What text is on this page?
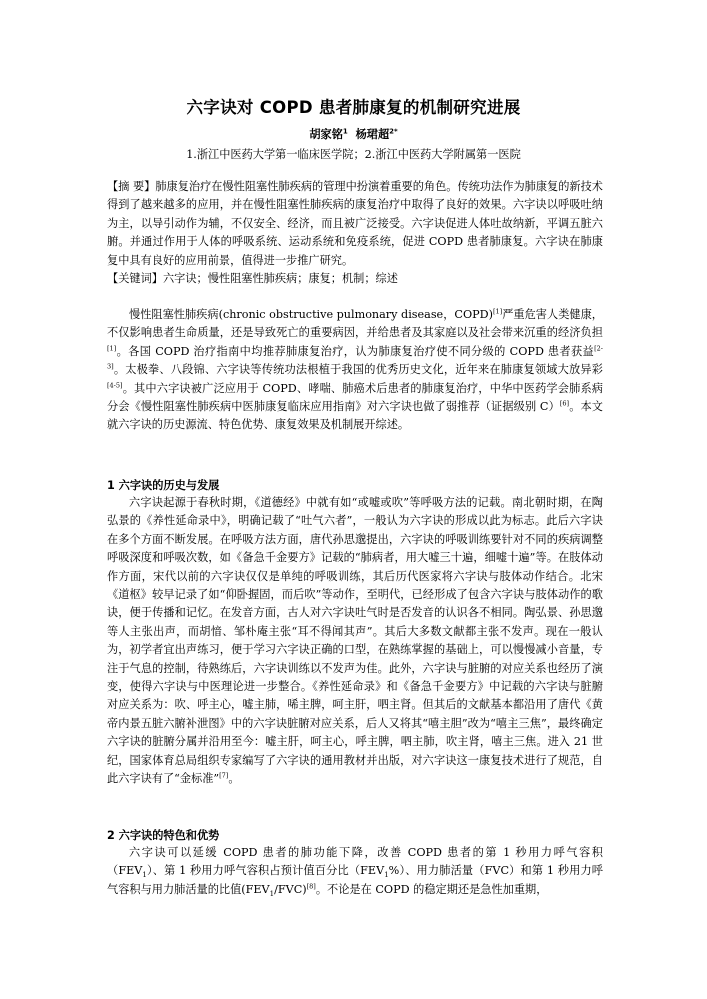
六字诀对 COPD 患者肺康复的机制研究进展
胡家铭$^1$ 杨珺超$^{2*}$
1.浙江中医药大学第一临床医学院；2.浙江中医药大学附属第一医院
【摘 要】肺康复治疗在慢性阻塞性肺疾病的管理中扮演着重要的角色。传统功法作为肺康复的新技术得到了越来越多的应用，并在慢性阻塞性肺疾病的康复治疗中取得了良好的效果。六字诀以呼吸吐纳为主，以导引动作为辅，不仅安全、经济，而且被广泛接受。六字诀促进人体吐故纳新，平调五脏六腑。并通过作用于人体的呼吸系统、运动系统和免疫系统，促进 COPD 患者肺康复。六字诀在肺康复中具有良好的应用前景，值得进一步推广研究。
【关键词】六字诀；慢性阻塞性肺疾病；康复；机制；综述
慢性阻塞性肺疾病(chronic obstructive pulmonary disease，COPD)[1]严重危害人类健康，不仅影响患者生命质量，还是导致死亡的重要病因，并给患者及其家庭以及社会带来沉重的经济负担[1]。各国 COPD 治疗指南中均推荐肺康复治疗，认为肺康复治疗使不同分级的 COPD 患者获益[2-3]。太极拳、八段锦、六字诀等传统功法根植于我国的优秀历史文化，近年来在肺康复领域大放异彩[4-5]。其中六字诀被广泛应用于 COPD、哮喘、肺癌术后患者的肺康复治疗，中华中医药学会肺系病分会《慢性阻塞性肺疾病中医肺康复临床应用指南》对六字诀也做了弱推荐（证据级别 C）[6]。本文就六字诀的历史源流、特色优势、康复效果及机制展开综述。
1 六字诀的历史与发展
六字诀起源于春秋时期，《道德经》中就有如“或嘘或吹”等呼吸方法的记载。南北朝时期，在陶弘景的《养性延命录中》，明确记载了“吐气六者”，一般认为六字诀的形成以此为标志。此后六字诀在多个方面不断发展。在呼吸方法方面，唐代孙思邈提出，六字诀的呼吸训练要针对不同的疾病调整呼吸深度和呼吸次数，如《备急千金要方》记载的“肺病者，用大嘘三十遍，细嘘十遍”等。在肢体动作方面，宋代以前的六字诀仅仅是单纯的呼吸训练，其后历代医家将六字诀与肢体动作结合。北宋《道枢》较早记录了如“仰卧握固，而后吹”等动作，至明代，已经形成了包含六字诀与肢体动作的歌诀，便于传播和记忆。在发音方面，古人对六字诀吐气时是否发音的认识各不相同。陶弘景、孙思邈等人主张出声，而胡愔、邹朴庵主张“耳不得闻其声”。其后大多数文献都主张不发声。现在一般认为，初学者宜出声练习，便于学习六字诀正确的口型，在熟练掌握的基础上，可以慢慢减小音量，专注于气息的控制，待熟练后，六字诀训练以不发声为佳。此外，六字诀与脏腑的对应关系也经历了演变，使得六字诀与中医理论进一步整合。《养性延命录》和《备急千金要方》中记载的六字诀与脏腑对应关系为：吹、呼主心，嘘主肺，唏主脾，呵主肝，呬主肾。但其后的文献基本都沿用了唐代《黄帝内景五脏六腑补泄图》中的六字诀脏腑对应关系，后人又将其“嘻主胆”改为“嘻主三焦”，最终确定六字诀的脏腑分属并沿用至今：嘘主肝，呵主心，呼主脾，呬主肺，吹主肾，嘻主三焦。进入 21 世纪，国家体育总局组织专家编写了六字诀的通用教材并出版，对六字诀这一康复技术进行了规范，自此六字诀有了“金标准”[7]。
2 六字诀的特色和优势
六字诀可以延缓 COPD 患者的肺功能下降，改善 COPD 患者的第 1 秒用力呼气容积$(FEV_1)$、第 1 秒用力呼气容积占预计值百分比$(FEV_1\%)$、用力肺活量（FVC）和第 1 秒用力呼气容积与用力肺活量的比值$(FEV_1/FVC)[8]$。不论是在 COPD 的稳定期还是急性加重期，
